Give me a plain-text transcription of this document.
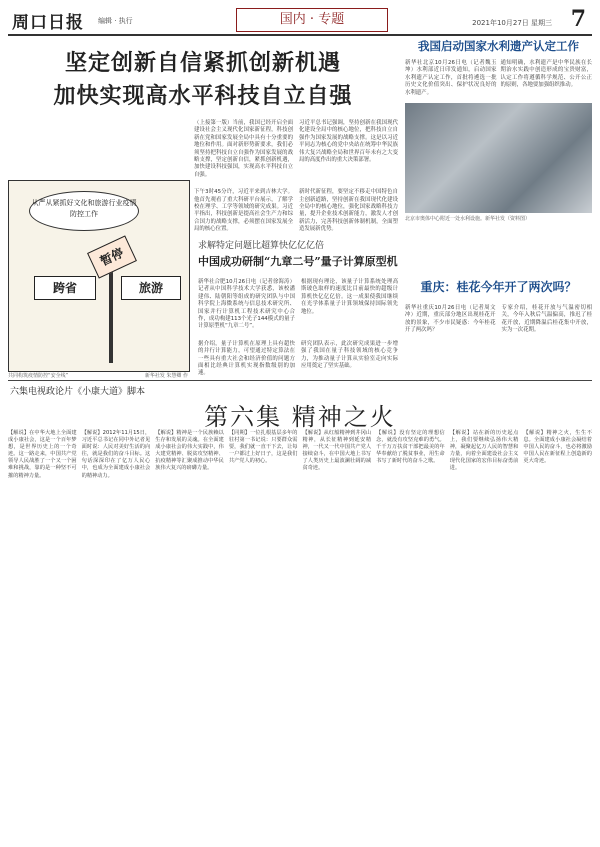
周口日报 编辑 · 执行	国内 · 专题	2021年10月27日 星期三 7
坚定创新自信紧抓创新机遇
加快实现高水平科技自立自强
（上接第一版）当前，我国已经开启全面建设社会主义现代化国家新征程，科技创新在党和国家发展全局中具有十分重要的地位和作用。面对新形势新要求，我们必须坚持把科技自立自强作为国家发展的战略支撑，坚定创新自信，紧抓创新机遇，加快建设科技强国，实现高水平科技自立自强。
习近平总书记强调，坚持创新在我国现代化建设全局中的核心地位，把科技自立自强作为国家发展的战略支撑。这是以习近平同志为核心的党中央站在统筹中华民族伟大复兴战略全局和世界百年未有之大变局的高度作出的重大决策部署。
下午3时45分许，习近平来到吉林大学。他首先观看了重大科研平台展示，了解学校在理学、工学等领域的研究成果。习近平指出，科技创新是提高社会生产力和综合国力的战略支撑，必须摆在国家发展全局的核心位置。
新时代新征程，要坚定不移走中国特色自主创新道路，坚持创新在我国现代化建设全局中的核心地位，强化国家战略科技力量，提升企业技术创新能力，激发人才创新活力，完善科技创新体制机制，全面塑造发展新优势。
从严从紧抓好文化和旅游行业疫情防控工作
跨省	旅游
暂停
共同构筑疫情防控“安全线”	新华社发 朱慧卿 作
我国启动国家水利遗产认定工作
新华社北京10月26日电（记者魏玉坤）水利部近日印发通知，启动国家水利遗产认定工作，首批将遴选一批历史文化价值突出、保护状况良好的水利遗产。
通知明确，水利遗产是中华民族在长期治水实践中创造形成的宝贵财富，认定工作将遵循科学规范、公开公正的原则，各地要加强组织推动。
北京市奥体中心附近一处水利设施。新华社发（资料图）
求解特定问题比超算快亿亿亿倍
中国成功研制“九章二号”量子计算原型机
新华社合肥10月26日电（记者徐海涛）记者从中国科学技术大学获悉，该校潘建伟、陆朝阳等组成的研究团队与中国科学院上海微系统与信息技术研究所、国家并行计算机工程技术研究中心合作，成功构建113个光子144模式的量子计算原型机“九章二号”。
根据现有理论，该量子计算系统处理高斯玻色取样的速度比目前最快的超级计算机快亿亿亿倍。这一成果使我国继续在光学体系量子计算领域保持国际领先地位。
据介绍，量子计算机在原理上具有超快的并行计算能力，可望通过特定算法在一些具有重大社会和经济价值的问题方面相比经典计算机实现指数级别的加速。
研究团队表示，此次研究成果进一步增强了我国在量子科技领域的核心竞争力，为推动量子计算从实验室走向实际应用奠定了坚实基础。
重庆：桂花今年开了两次吗？
新华社重庆10月26日电（记者周文冲）近期，重庆部分地区出现桂花开放的景象，不少市民疑惑：今年桂花开了两次吗？
专家介绍，桂花开放与气温密切相关，今年入秋后气温偏高，推迟了桂花开放，近期降温后桂花集中开放，实为一次花期。
六集电视政论片《小康大道》脚本
第六集 精神之火
【解说】在中华大地上全面建成小康社会，这是一个百年梦想，是世界历史上的一个奇迹。这一路走来，中国共产党领导人民战胜了一个又一个困难和挑战，靠的是一种坚不可摧的精神力量。
【解说】2012年11月15日，习近平总书记在同中外记者见面时说：人民对美好生活的向往，就是我们的奋斗目标。这句话深深印在了亿万人民心中，也成为全面建成小康社会的精神动力。
【解说】精神是一个民族赖以生存和发展的灵魂。在全面建成小康社会的伟大实践中，伟大建党精神、脱贫攻坚精神、抗疫精神等汇聚成推动中华民族伟大复兴的磅礴力量。
【同期】一位扎根基层多年的驻村第一书记说：只要群众需要，我们就一直干下去，让每一户都过上好日子，这是我们共产党人的初心。
【解说】从红船精神到井冈山精神，从长征精神到延安精神，一代又一代中国共产党人接续奋斗，在中国大地上书写了人类历史上最波澜壮阔的减贫奇迹。
【解说】没有坚定的理想信念，就没有攻坚克难的勇气。千千万万扶贫干部把最美的年华奉献给了脱贫事业，用生命书写了新时代的奋斗之歌。
【解说】站在新的历史起点上，我们要继续弘扬伟大精神，凝聚起亿万人民的智慧和力量，向着全面建设社会主义现代化国家的宏伟目标奋勇前进。
【解说】精神之火，生生不息。全面建成小康社会凝结着中国人民的奋斗，也必将激励中国人民在新征程上创造新的更大奇迹。
